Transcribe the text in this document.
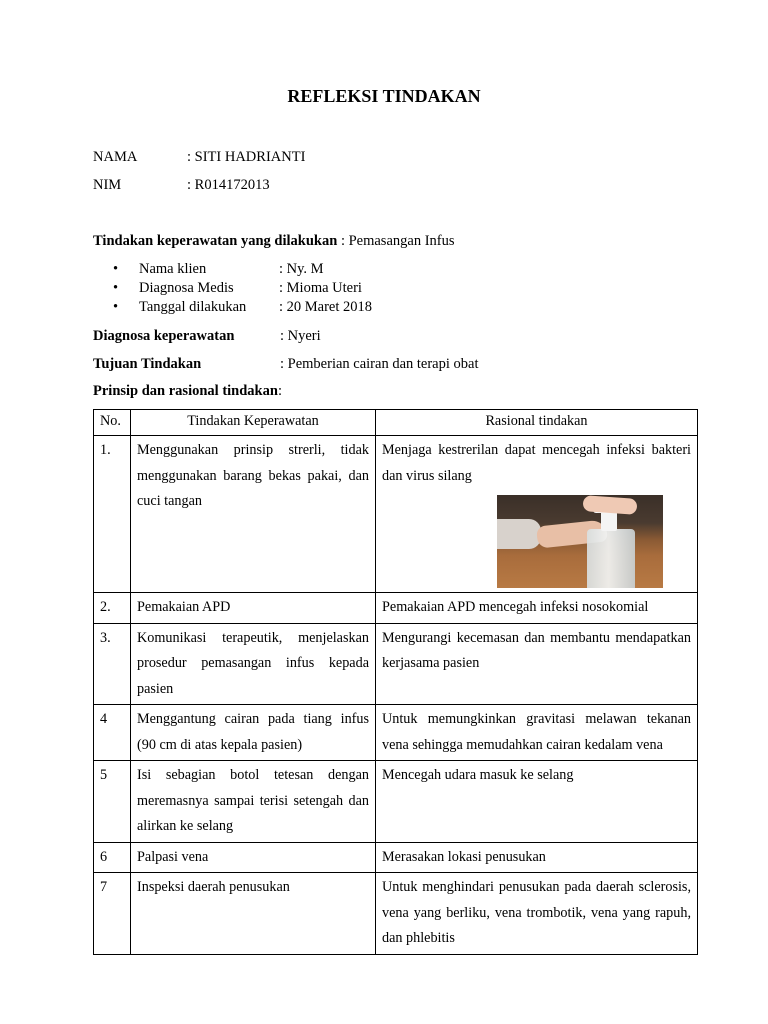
REFLEKSI TINDAKAN
NAMA	: SITI HADRIANTI
NIM	: R014172013
Tindakan keperawatan yang dilakukan : Pemasangan Infus
• Nama klien	: Ny. M
• Diagnosa Medis	: Mioma Uteri
• Tanggal dilakukan : 20 Maret 2018
Diagnosa keperawatan	: Nyeri
Tujuan Tindakan	: Pemberian cairan dan terapi obat
Prinsip dan rasional tindakan:
No.	Tindakan Keperawatan	Rasional tindakan
1.	Menggunakan prinsip strerli, tidak menggunakan barang bekas pakai, dan cuci tangan	Menjaga kestrerilan dapat mencegah infeksi bakteri dan virus silang

2.	Pemakaian APD	Pemakaian APD mencegah infeksi nosokomial
3.	Komunikasi terapeutik, menjelaskan prosedur pemasangan infus kepada pasien	Mengurangi kecemasan dan membantu mendapatkan kerjasama pasien
4	Menggantung cairan pada tiang infus (90 cm di atas kepala pasien)	Untuk memungkinkan gravitasi melawan tekanan vena sehingga memudahkan cairan kedalam vena
5	Isi sebagian botol tetesan dengan meremasnya sampai terisi setengah dan alirkan ke selang	Mencegah udara masuk ke selang
6	Palpasi vena	Merasakan lokasi penusukan
7	Inspeksi daerah penusukan	Untuk menghindari penusukan pada daerah sclerosis, vena yang berliku, vena trombotik, vena yang rapuh, dan phlebitis
